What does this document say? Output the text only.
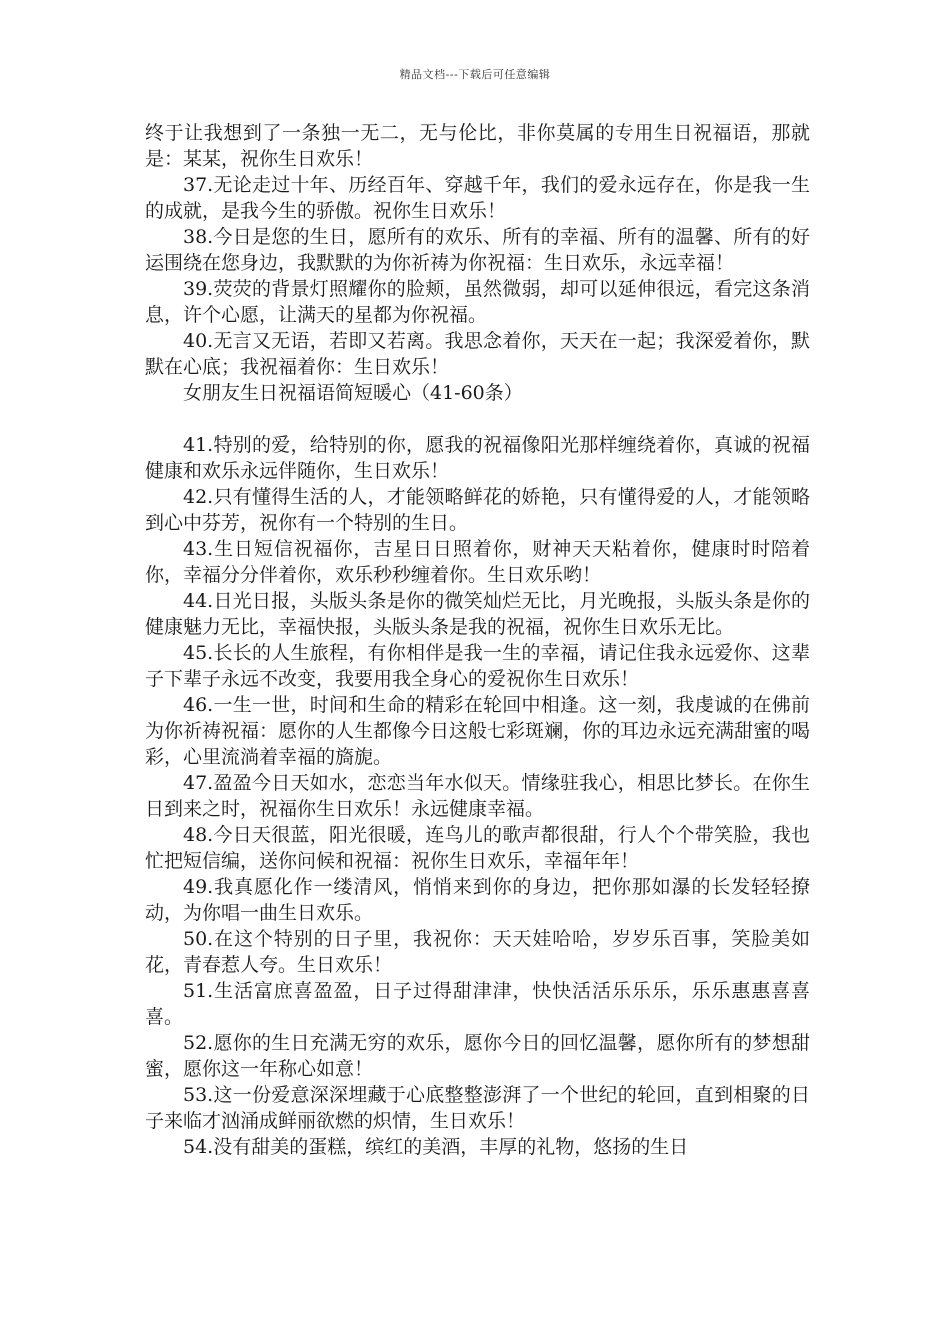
精品文档---下载后可任意编辑

终于让我想到了一条独一无二，无与伦比，非你莫属的专用生日祝福语，那就是：某某，祝你生日欢乐！

37.无论走过十年、历经百年、穿越千年，我们的爱永远存在，你是我一生的成就，是我今生的骄傲。祝你生日欢乐！

38.今日是您的生日，愿所有的欢乐、所有的幸福、所有的温馨、所有的好运围绕在您身边，我默默的为你祈祷为你祝福：生日欢乐，永远幸福！

39.荧荧的背景灯照耀你的脸颊，虽然微弱，却可以延伸很远，看完这条消息，许个心愿，让满天的星都为你祝福。

40.无言又无语，若即又若离。我思念着你，天天在一起；我深爱着你，默默在心底；我祝福着你：生日欢乐！

女朋友生日祝福语简短暖心（41-60条）

41.特别的爱，给特别的你，愿我的祝福像阳光那样缠绕着你，真诚的祝福健康和欢乐永远伴随你，生日欢乐！

42.只有懂得生活的人，才能领略鲜花的娇艳，只有懂得爱的人，才能领略到心中芬芳，祝你有一个特别的生日。

43.生日短信祝福你，吉星日日照着你，财神天天粘着你，健康时时陪着你，幸福分分伴着你，欢乐秒秒缠着你。生日欢乐哟！

44.日光日报，头版头条是你的微笑灿烂无比，月光晚报，头版头条是你的健康魅力无比，幸福快报，头版头条是我的祝福，祝你生日欢乐无比。

45.长长的人生旅程，有你相伴是我一生的幸福，请记住我永远爱你、这辈子下辈子永远不改变，我要用我全身心的爱祝你生日欢乐！

46.一生一世，时间和生命的精彩在轮回中相逢。这一刻，我虔诚的在佛前为你祈祷祝福：愿你的人生都像今日这般七彩斑斓，你的耳边永远充满甜蜜的喝彩，心里流淌着幸福的旖旎。

47.盈盈今日天如水，恋恋当年水似天。情缘驻我心，相思比梦长。在你生日到来之时，祝福你生日欢乐！永远健康幸福。

48.今日天很蓝，阳光很暖，连鸟儿的歌声都很甜，行人个个带笑脸，我也忙把短信编，送你问候和祝福：祝你生日欢乐，幸福年年！

49.我真愿化作一缕清风，悄悄来到你的身边，把你那如瀑的长发轻轻撩动，为你唱一曲生日欢乐。

50.在这个特别的日子里，我祝你：天天娃哈哈，岁岁乐百事，笑脸美如花，青春惹人夸。生日欢乐！

51.生活富庶喜盈盈，日子过得甜津津，快快活活乐乐乐，乐乐惠惠喜喜喜。

52.愿你的生日充满无穷的欢乐，愿你今日的回忆温馨，愿你所有的梦想甜蜜，愿你这一年称心如意！

53.这一份爱意深深埋藏于心底整整澎湃了一个世纪的轮回，直到相聚的日子来临才汹涌成鲜丽欲燃的炽情，生日欢乐！

54.没有甜美的蛋糕，缤红的美酒，丰厚的礼物，悠扬的生日
